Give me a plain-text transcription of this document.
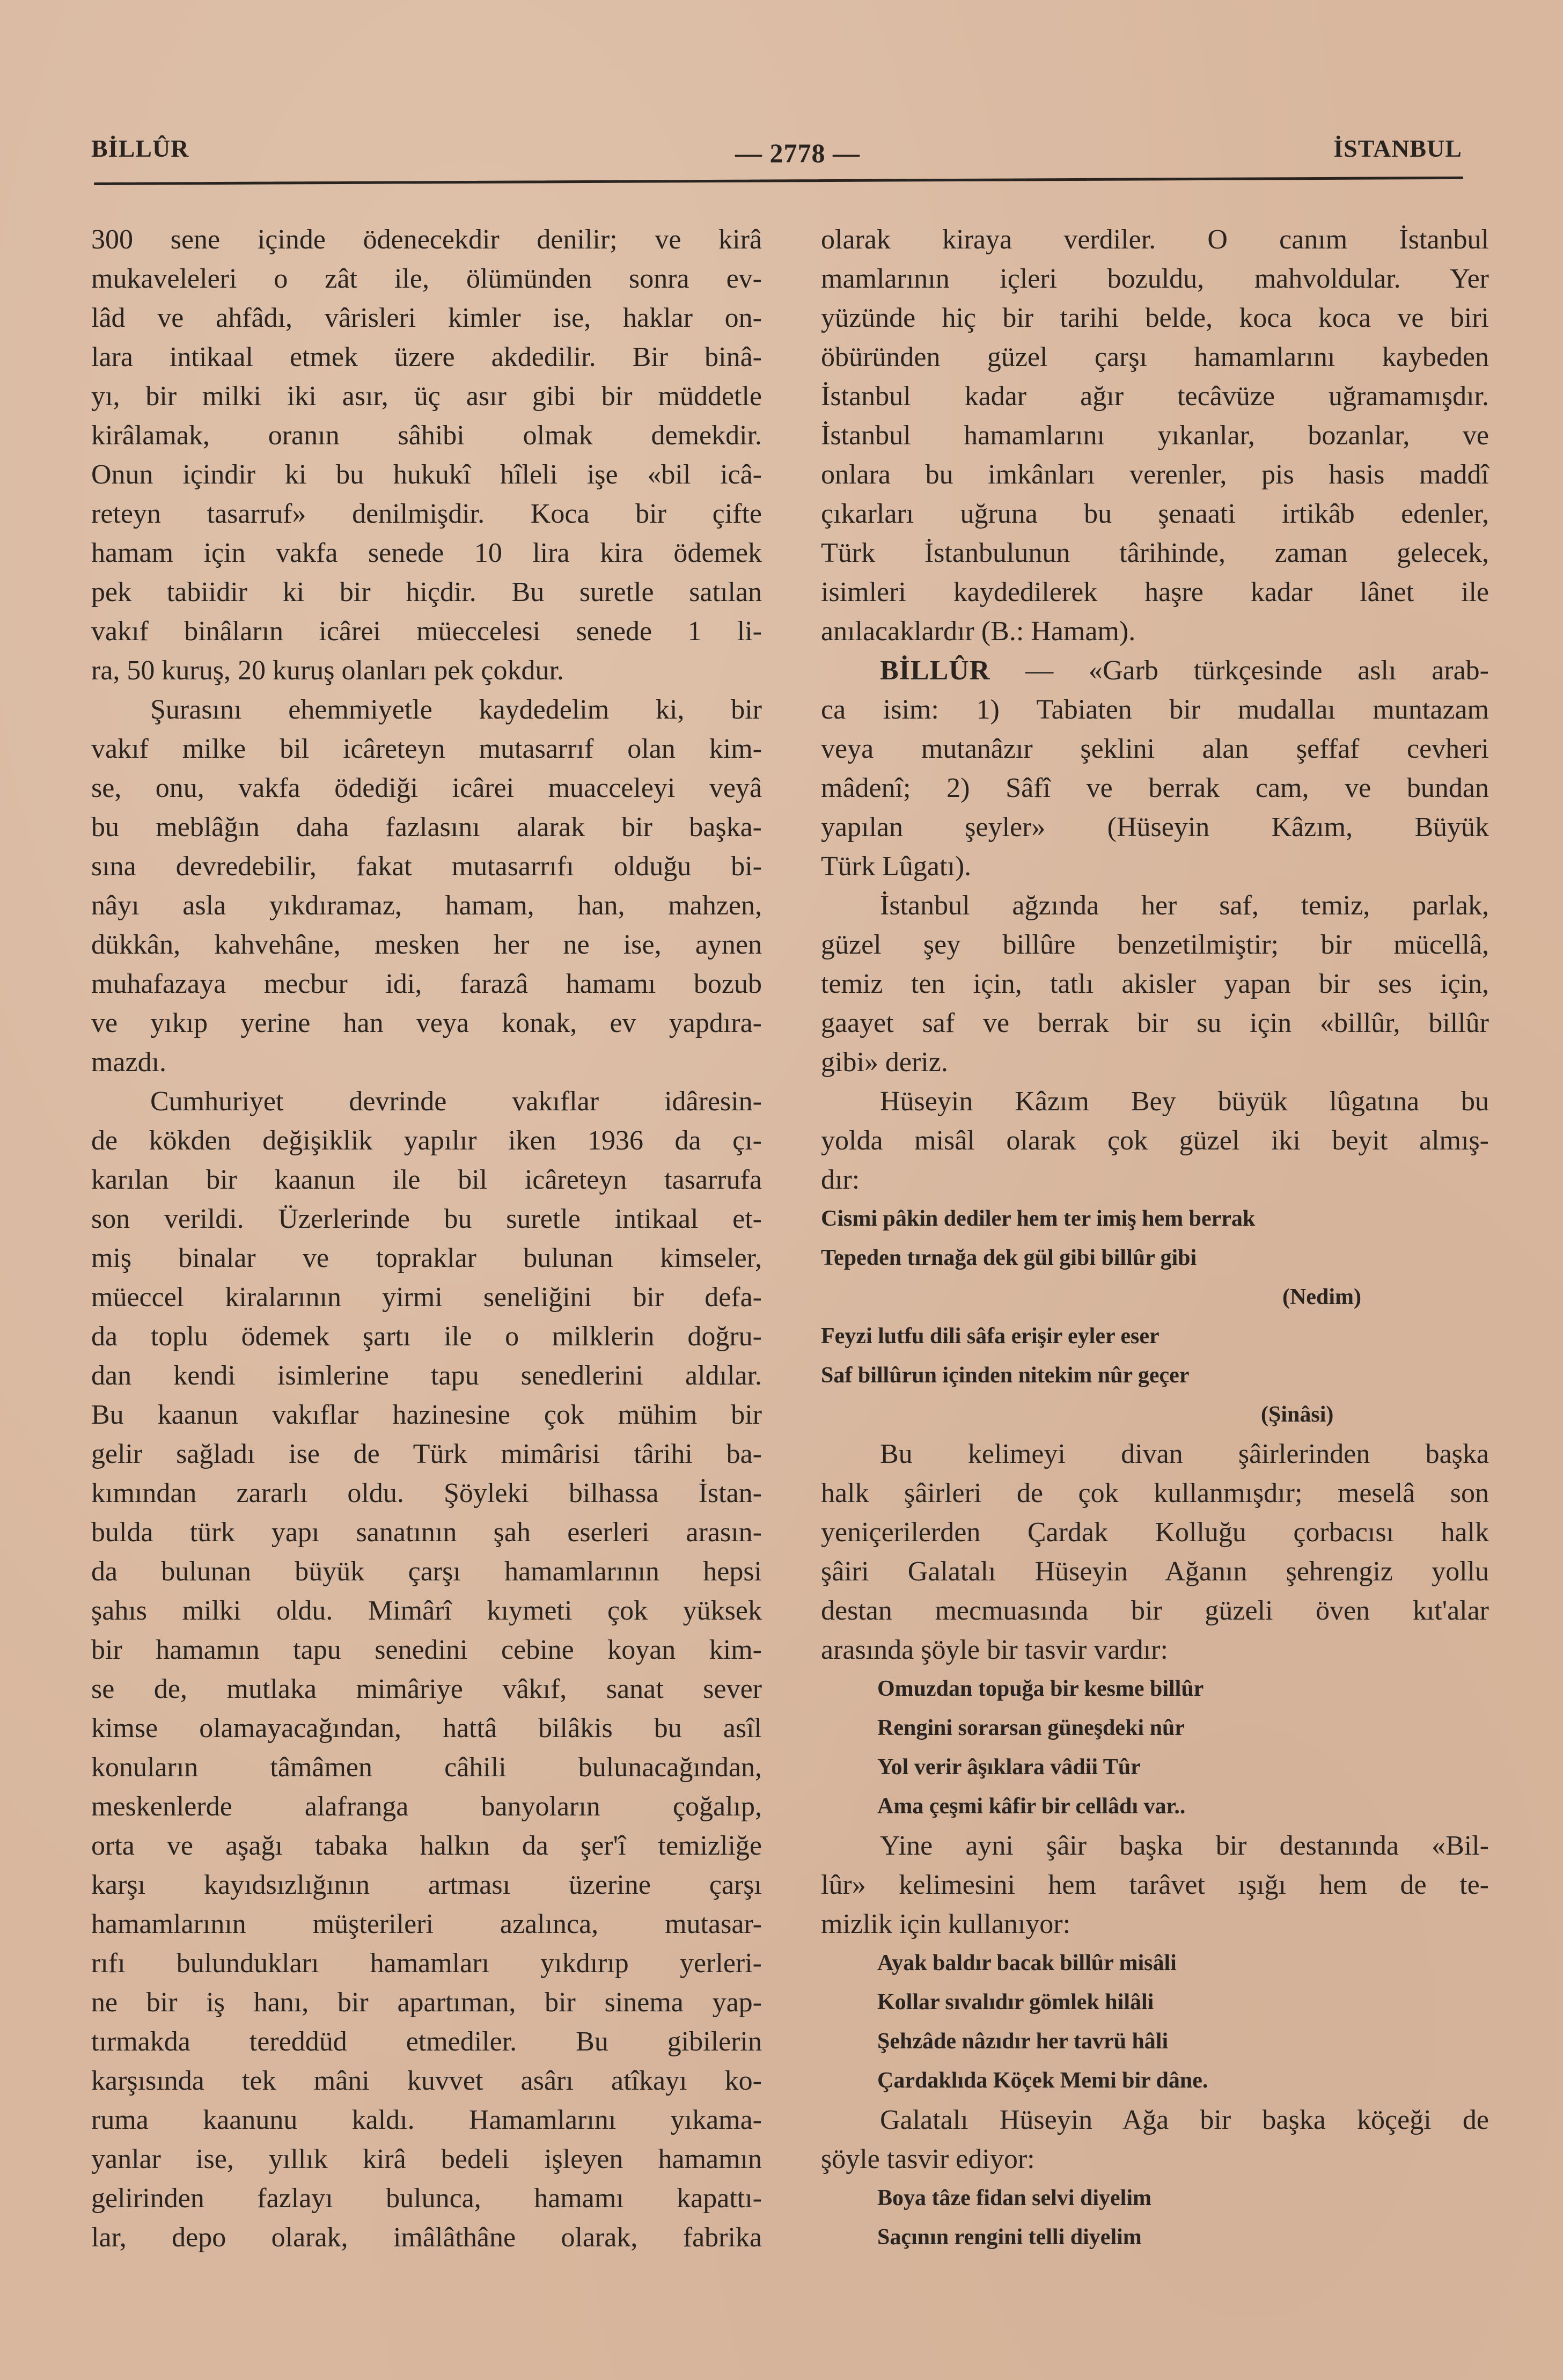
BİLLÛR	— 2778 —	İSTANBUL
300 sene içinde ödenecekdir denilir; ve kirâ
mukaveleleri o zât ile, ölümünden sonra ev-
lâd ve ahfâdı, vârisleri kimler ise, haklar on-
lara intikaal etmek üzere akdedilir. Bir binâ-
yı, bir milki iki asır, üç asır gibi bir müddetle
kirâlamak, oranın sâhibi olmak demekdir.
Onun içindir ki bu hukukî hîleli işe «bil icâ-
reteyn tasarruf» denilmişdir. Koca bir çifte
hamam için vakfa senede 10 lira kira ödemek
pek tabiidir ki bir hiçdir. Bu suretle satılan
vakıf binâların icârei müeccelesi senede 1 li-
ra, 50 kuruş, 20 kuruş olanları pek çokdur.
Şurasını ehemmiyetle kaydedelim ki, bir
vakıf milke bil icâreteyn mutasarrıf olan kim-
se, onu, vakfa ödediği icârei muacceleyi veyâ
bu meblâğın daha fazlasını alarak bir başka-
sına devredebilir, fakat mutasarrıfı olduğu bi-
nâyı asla yıkdıramaz, hamam, han, mahzen,
dükkân, kahvehâne, mesken her ne ise, aynen
muhafazaya mecbur idi, farazâ hamamı bozub
ve yıkıp yerine han veya konak, ev yapdıra-
mazdı.
Cumhuriyet devrinde vakıflar idâresin-
de kökden değişiklik yapılır iken 1936 da çı-
karılan bir kaanun ile bil icâreteyn tasarrufa
son verildi. Üzerlerinde bu suretle intikaal et-
miş binalar ve topraklar bulunan kimseler,
müeccel kiralarının yirmi seneliğini bir defa-
da toplu ödemek şartı ile o milklerin doğru-
dan kendi isimlerine tapu senedlerini aldılar.
Bu kaanun vakıflar hazinesine çok mühim bir
gelir sağladı ise de Türk mimârisi târihi ba-
kımından zararlı oldu. Şöyleki bilhassa İstan-
bulda türk yapı sanatının şah eserleri arasın-
da bulunan büyük çarşı hamamlarının hepsi
şahıs milki oldu. Mimârî kıymeti çok yüksek
bir hamamın tapu senedini cebine koyan kim-
se de, mutlaka mimâriye vâkıf, sanat sever
kimse olamayacağından, hattâ bilâkis bu asîl
konuların tâmâmen câhili bulunacağından,
meskenlerde alafranga banyoların çoğalıp,
orta ve aşağı tabaka halkın da şer'î temizliğe
karşı kayıdsızlığının artması üzerine çarşı
hamamlarının müşterileri azalınca, mutasar-
rıfı bulundukları hamamları yıkdırıp yerleri-
ne bir iş hanı, bir apartıman, bir sinema yap-
tırmakda tereddüd etmediler. Bu gibilerin
karşısında tek mâni kuvvet asârı atîkayı ko-
ruma kaanunu kaldı. Hamamlarını yıkama-
yanlar ise, yıllık kirâ bedeli işleyen hamamın
gelirinden fazlayı bulunca, hamamı kapattı-
lar, depo olarak, imâlâthâne olarak, fabrika
olarak kiraya verdiler. O canım İstanbul
mamlarının içleri bozuldu, mahvoldular. Yer
yüzünde hiç bir tarihi belde, koca koca ve biri
öbüründen güzel çarşı hamamlarını kaybeden
İstanbul kadar ağır tecâvüze uğramamışdır.
İstanbul hamamlarını yıkanlar, bozanlar, ve
onlara bu imkânları verenler, pis hasis maddî
çıkarları uğruna bu şenaati irtikâb edenler,
Türk İstanbulunun târihinde, zaman gelecek,
isimleri kaydedilerek haşre kadar lânet ile
anılacaklardır (B.: Hamam).
BİLLÛR — «Garb türkçesinde aslı arab-
ca isim: 1) Tabiaten bir mudallaı muntazam
veya mutanâzır şeklini alan şeffaf cevheri
mâdenî; 2) Sâfî ve berrak cam, ve bundan
yapılan şeyler» (Hüseyin Kâzım, Büyük
Türk Lûgatı).
İstanbul ağzında her saf, temiz, parlak,
güzel şey billûre benzetilmiştir; bir mücellâ,
temiz ten için, tatlı akisler yapan bir ses için,
gaayet saf ve berrak bir su için «billûr, billûr
gibi» deriz.
Hüseyin Kâzım Bey büyük lûgatına bu
yolda misâl olarak çok güzel iki beyit almış-
dır:
Cismi pâkin dediler hem ter imiş hem berrak
Tepeden tırnağa dek gül gibi billûr gibi
(Nedim)
Feyzi lutfu dili sâfa erişir eyler eser
Saf billûrun içinden nitekim nûr geçer
(Şinâsi)
Bu kelimeyi divan şâirlerinden başka
halk şâirleri de çok kullanmışdır; meselâ son
yeniçerilerden Çardak Kolluğu çorbacısı halk
şâiri Galatalı Hüseyin Ağanın şehrengiz yollu
destan mecmuasında bir güzeli öven kıt'alar
arasında şöyle bir tasvir vardır:
Omuzdan topuğa bir kesme billûr
Rengini sorarsan güneşdeki nûr
Yol verir âşıklara vâdii Tûr
Ama çeşmi kâfir bir cellâdı var..
Yine ayni şâir başka bir destanında «Bil-
lûr» kelimesini hem tarâvet ışığı hem de te-
mizlik için kullanıyor:
Ayak baldır bacak billûr misâli
Kollar sıvalıdır gömlek hilâli
Şehzâde nâzıdır her tavrü hâli
Çardaklıda Köçek Memi bir dâne.
Galatalı Hüseyin Ağa bir başka köçeği de
şöyle tasvir ediyor:
Boya tâze fidan selvi diyelim
Saçının rengini telli diyelim
